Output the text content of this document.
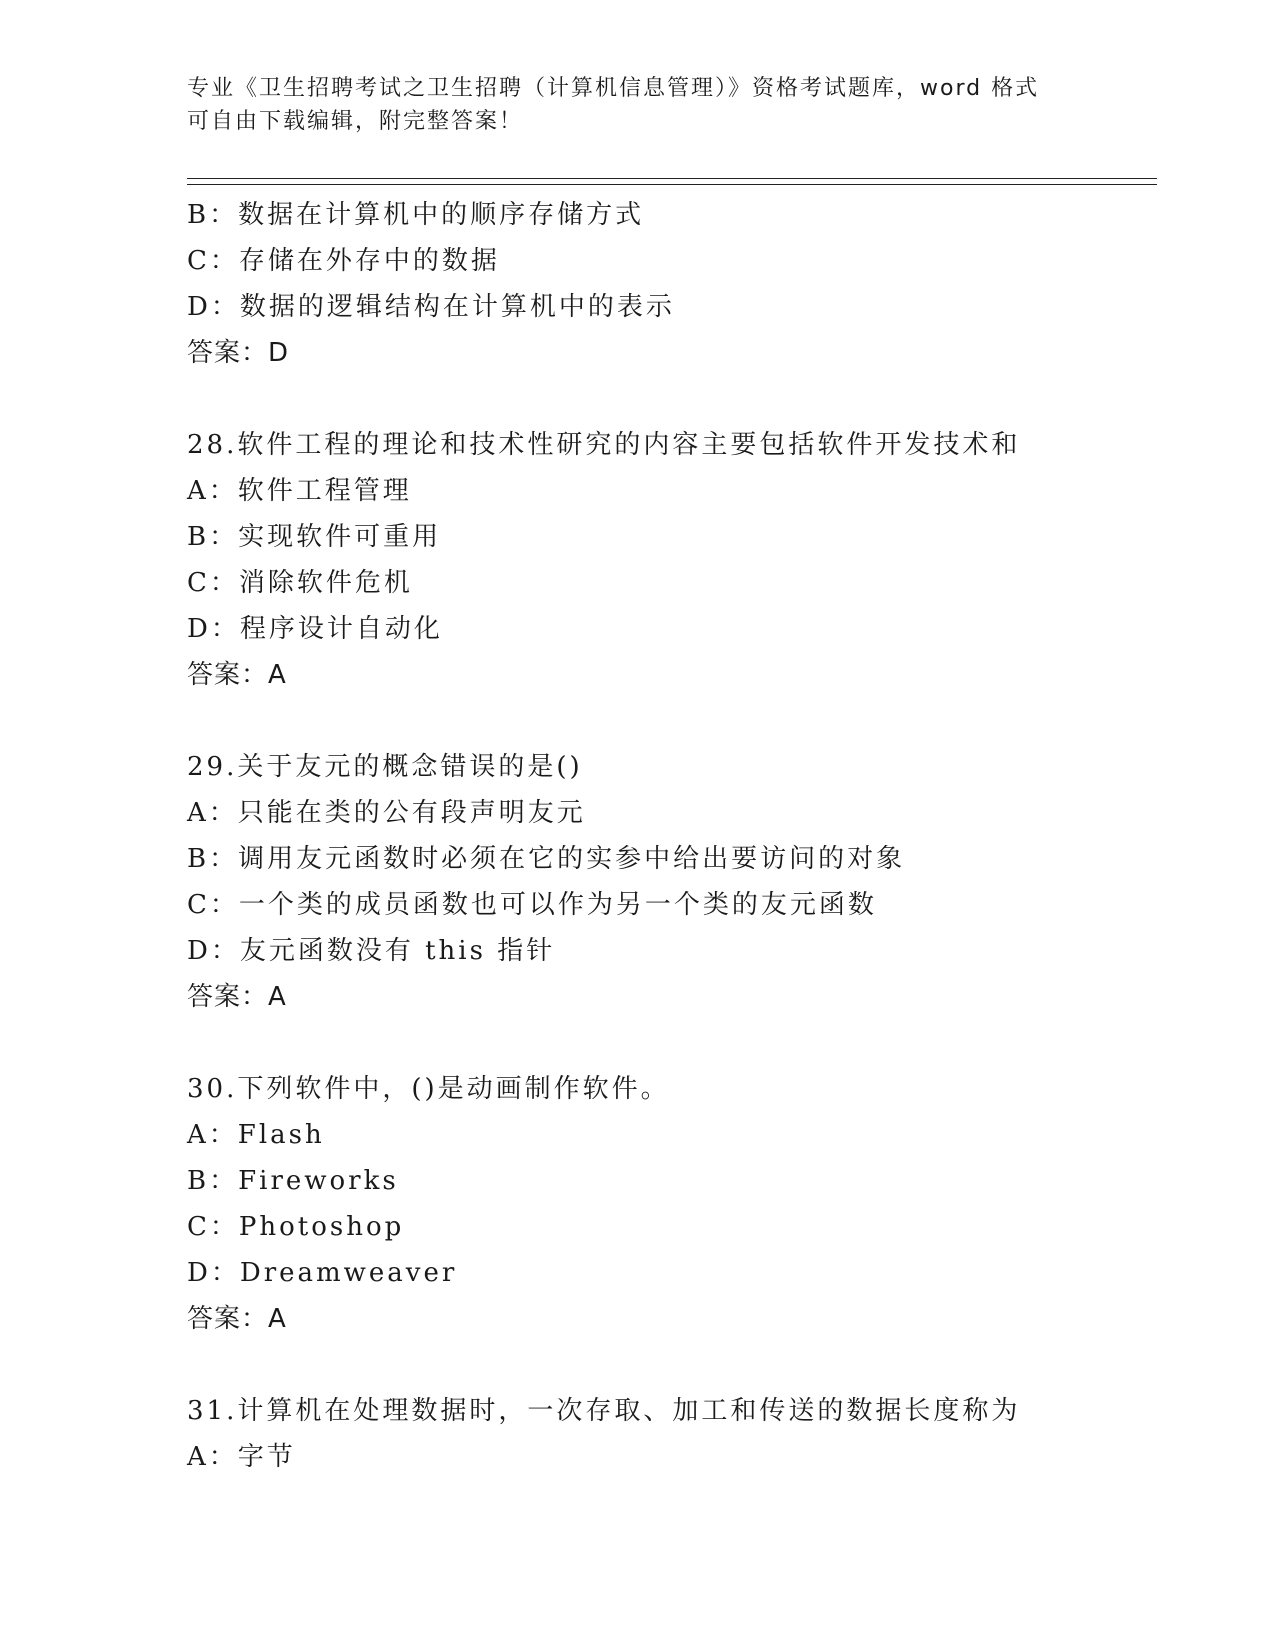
专业《卫生招聘考试之卫生招聘（计算机信息管理）》资格考试题库，word 格式
可自由下载编辑，附完整答案！
B：数据在计算机中的顺序存储方式
C：存储在外存中的数据
D：数据的逻辑结构在计算机中的表示
答案：D
28.软件工程的理论和技术性研究的内容主要包括软件开发技术和
A：软件工程管理
B：实现软件可重用
C：消除软件危机
D：程序设计自动化
答案：A
29.关于友元的概念错误的是()
A：只能在类的公有段声明友元
B：调用友元函数时必须在它的实参中给出要访问的对象
C：一个类的成员函数也可以作为另一个类的友元函数
D：友元函数没有 this 指针
答案：A
30.下列软件中，()是动画制作软件。
A：Flash
B：Fireworks
C：Photoshop
D：Dreamweaver
答案：A
31.计算机在处理数据时，一次存取、加工和传送的数据长度称为
A：字节
